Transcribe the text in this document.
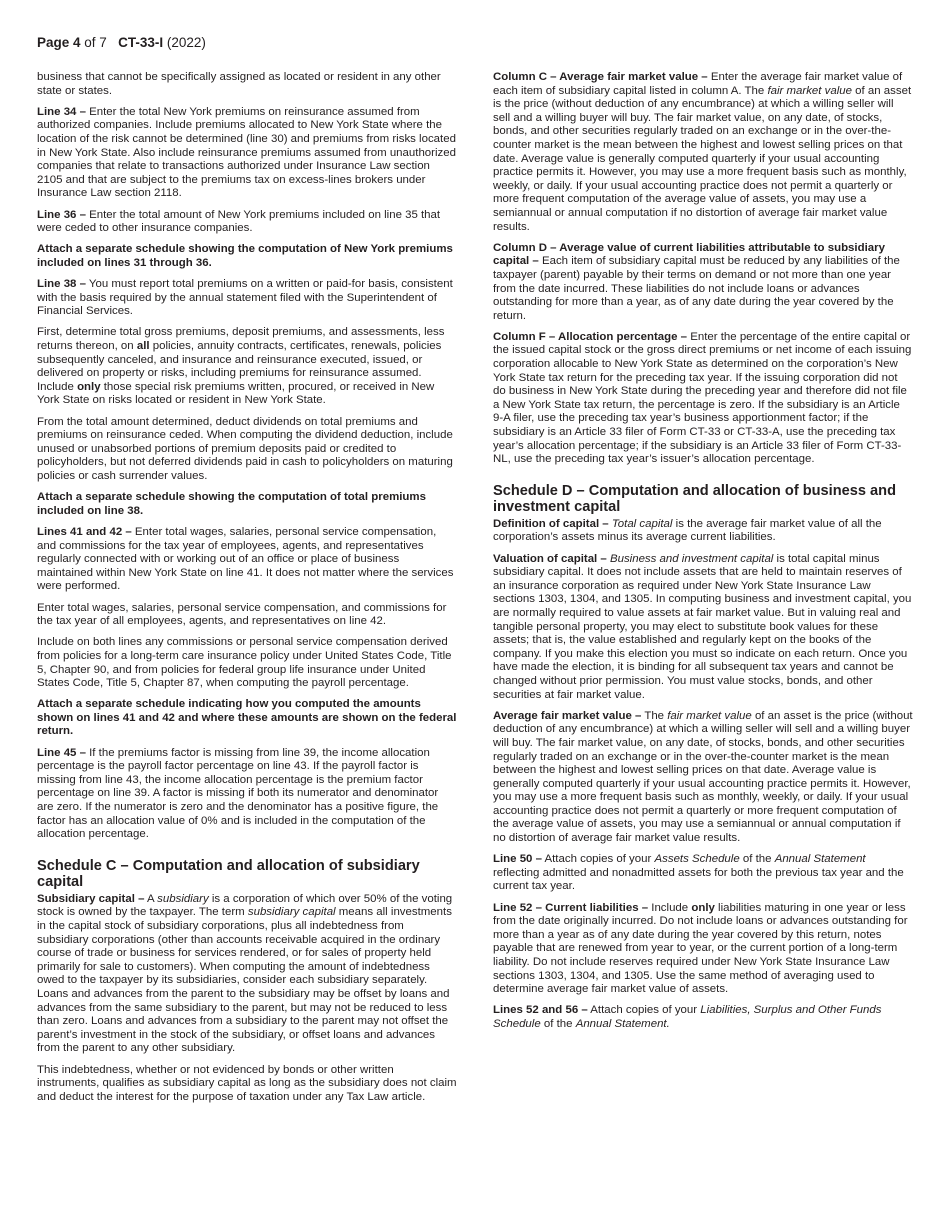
Page 4 of 7 CT-33-I (2022)

business that cannot be specifically assigned as located or resident in any other state or states.

Line 34 – Enter the total New York premiums on reinsurance assumed from authorized companies. Include premiums allocated to New York State where the location of the risk cannot be determined (line 30) and premiums from risks located in New York State. Also include reinsurance premiums assumed from unauthorized companies that relate to transactions authorized under Insurance Law section 2105 and that are subject to the premiums tax on excess-lines brokers under Insurance Law section 2118.

Line 36 – Enter the total amount of New York premiums included on line 35 that were ceded to other insurance companies.

Attach a separate schedule showing the computation of New York premiums included on lines 31 through 36.

Line 38 – You must report total premiums on a written or paid-for basis, consistent with the basis required by the annual statement filed with the Superintendent of Financial Services.

First, determine total gross premiums, deposit premiums, and assessments, less returns thereon, on all policies, annuity contracts, certificates, renewals, policies subsequently canceled, and insurance and reinsurance executed, issued, or delivered on property or risks, including premiums for reinsurance assumed. Include only those special risk premiums written, procured, or received in New York State on risks located or resident in New York State.

From the total amount determined, deduct dividends on total premiums and premiums on reinsurance ceded. When computing the dividend deduction, include unused or unabsorbed portions of premium deposits paid or credited to policyholders, but not deferred dividends paid in cash to policyholders on maturing policies or cash surrender values.

Attach a separate schedule showing the computation of total premiums included on line 38.

Lines 41 and 42 – Enter total wages, salaries, personal service compensation, and commissions for the tax year of employees, agents, and representatives regularly connected with or working out of an office or place of business maintained within New York State on line 41. It does not matter where the services were performed.

Enter total wages, salaries, personal service compensation, and commissions for the tax year of all employees, agents, and representatives on line 42.

Include on both lines any commissions or personal service compensation derived from policies for a long-term care insurance policy under United States Code, Title 5, Chapter 90, and from policies for federal group life insurance under United States Code, Title 5, Chapter 87, when computing the payroll percentage.

Attach a separate schedule indicating how you computed the amounts shown on lines 41 and 42 and where these amounts are shown on the federal return.

Line 45 – If the premiums factor is missing from line 39, the income allocation percentage is the payroll factor percentage on line 43. If the payroll factor is missing from line 43, the income allocation percentage is the premium factor percentage on line 39. A factor is missing if both its numerator and denominator are zero. If the numerator is zero and the denominator has a positive figure, the factor has an allocation value of 0% and is included in the computation of the allocation percentage.

Schedule C – Computation and allocation of subsidiary capital

Subsidiary capital – A subsidiary is a corporation of which over 50% of the voting stock is owned by the taxpayer. The term subsidiary capital means all investments in the capital stock of subsidiary corporations, plus all indebtedness from subsidiary corporations (other than accounts receivable acquired in the ordinary course of trade or business for services rendered, or for sales of property held primarily for sale to customers). When computing the amount of indebtedness owed to the taxpayer by its subsidiaries, consider each subsidiary separately. Loans and advances from the parent to the subsidiary may be offset by loans and advances from the same subsidiary to the parent, but may not be reduced to less than zero. Loans and advances from a subsidiary to the parent may not offset the parent’s investment in the stock of the subsidiary, or offset loans and advances from the parent to any other subsidiary.

This indebtedness, whether or not evidenced by bonds or other written instruments, qualifies as subsidiary capital as long as the subsidiary does not claim and deduct the interest for the purpose of taxation under any Tax Law article.

Column C – Average fair market value – Enter the average fair market value of each item of subsidiary capital listed in column A. The fair market value of an asset is the price (without deduction of any encumbrance) at which a willing seller will sell and a willing buyer will buy. The fair market value, on any date, of stocks, bonds, and other securities regularly traded on an exchange or in the over-the-counter market is the mean between the highest and lowest selling prices on that date. Average value is generally computed quarterly if your usual accounting practice permits it. However, you may use a more frequent basis such as monthly, weekly, or daily. If your usual accounting practice does not permit a quarterly or more frequent computation of the average value of assets, you may use a semiannual or annual computation if no distortion of average fair market value results.

Column D – Average value of current liabilities attributable to subsidiary capital – Each item of subsidiary capital must be reduced by any liabilities of the taxpayer (parent) payable by their terms on demand or not more than one year from the date incurred. These liabilities do not include loans or advances outstanding for more than a year, as of any date during the year covered by the return.

Column F – Allocation percentage – Enter the percentage of the entire capital or the issued capital stock or the gross direct premiums or net income of each issuing corporation allocable to New York State as determined on the corporation’s New York State tax return for the preceding tax year. If the issuing corporation did not do business in New York State during the preceding year and therefore did not file a New York State tax return, the percentage is zero. If the subsidiary is an Article 9-A filer, use the preceding tax year’s business apportionment factor; if the subsidiary is an Article 33 filer of Form CT-33 or CT-33-A, use the preceding tax year’s allocation percentage; if the subsidiary is an Article 33 filer of Form CT-33-NL, use the preceding tax year’s issuer’s allocation percentage.

Schedule D – Computation and allocation of business and investment capital

Definition of capital – Total capital is the average fair market value of all the corporation’s assets minus its average current liabilities.

Valuation of capital – Business and investment capital is total capital minus subsidiary capital. It does not include assets that are held to maintain reserves of an insurance corporation as required under New York State Insurance Law sections 1303, 1304, and 1305. In computing business and investment capital, you are normally required to value assets at fair market value. But in valuing real and tangible personal property, you may elect to substitute book values for these assets; that is, the value established and regularly kept on the books of the company. If you make this election you must so indicate on each return. Once you have made the election, it is binding for all subsequent tax years and cannot be changed without prior permission. You must value stocks, bonds, and other securities at fair market value.

Average fair market value – The fair market value of an asset is the price (without deduction of any encumbrance) at which a willing seller will sell and a willing buyer will buy. The fair market value, on any date, of stocks, bonds, and other securities regularly traded on an exchange or in the over-the-counter market is the mean between the highest and lowest selling prices on that date. Average value is generally computed quarterly if your usual accounting practice permits it. However, you may use a more frequent basis such as monthly, weekly, or daily. If your usual accounting practice does not permit a quarterly or more frequent computation of the average value of assets, you may use a semiannual or annual computation if no distortion of average fair market value results.

Line 50 – Attach copies of your Assets Schedule of the Annual Statement reflecting admitted and nonadmitted assets for both the previous tax year and the current tax year.

Line 52 – Current liabilities – Include only liabilities maturing in one year or less from the date originally incurred. Do not include loans or advances outstanding for more than a year as of any date during the year covered by this return, notes payable that are renewed from year to year, or the current portion of a long-term liability. Do not include reserves required under New York State Insurance Law sections 1303, 1304, and 1305. Use the same method of averaging used to determine average fair market value of assets.

Lines 52 and 56 – Attach copies of your Liabilities, Surplus and Other Funds Schedule of the Annual Statement.
